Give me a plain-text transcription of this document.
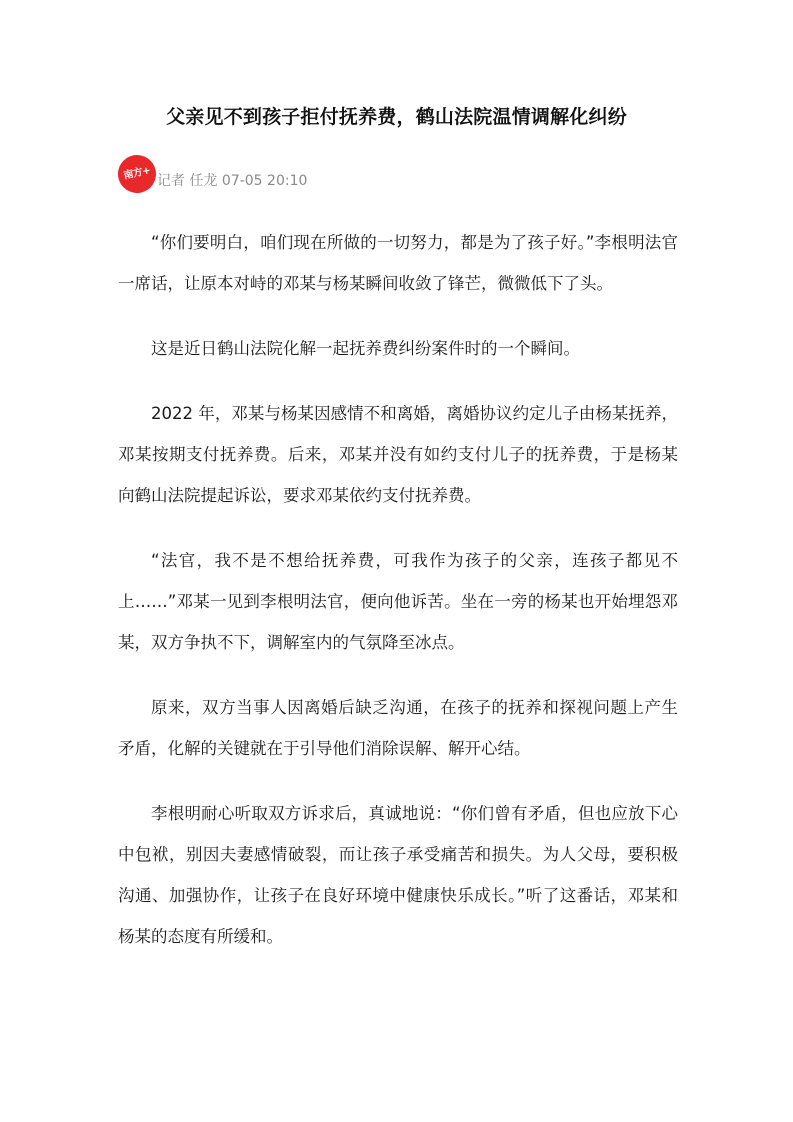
父亲见不到孩子拒付抚养费，鹤山法院温情调解化纠纷
南方+ 记者
任龙
07-05 20:10

“你们要明白，咱们现在所做的一切努力，都是为了孩子好。”李根明法官一席话，让原本对峙的邓某与杨某瞬间收敛了锋芒，微微低下了头。

这是近日鹤山法院化解一起抚养费纠纷案件时的一个瞬间。

2022 年，邓某与杨某因感情不和离婚，离婚协议约定儿子由杨某抚养，邓某按期支付抚养费。后来，邓某并没有如约支付儿子的抚养费，于是杨某向鹤山法院提起诉讼，要求邓某依约支付抚养费。

“法官，我不是不想给抚养费，可我作为孩子的父亲，连孩子都见不上……”邓某一见到李根明法官，便向他诉苦。坐在一旁的杨某也开始埋怨邓某，双方争执不下，调解室内的气氛降至冰点。

原来，双方当事人因离婚后缺乏沟通，在孩子的抚养和探视问题上产生矛盾，化解的关键就在于引导他们消除误解、解开心结。

李根明耐心听取双方诉求后，真诚地说：“你们曾有矛盾，但也应放下心中包袱，别因夫妻感情破裂，而让孩子承受痛苦和损失。为人父母，要积极沟通、加强协作，让孩子在良好环境中健康快乐成长。”听了这番话，邓某和杨某的态度有所缓和。
